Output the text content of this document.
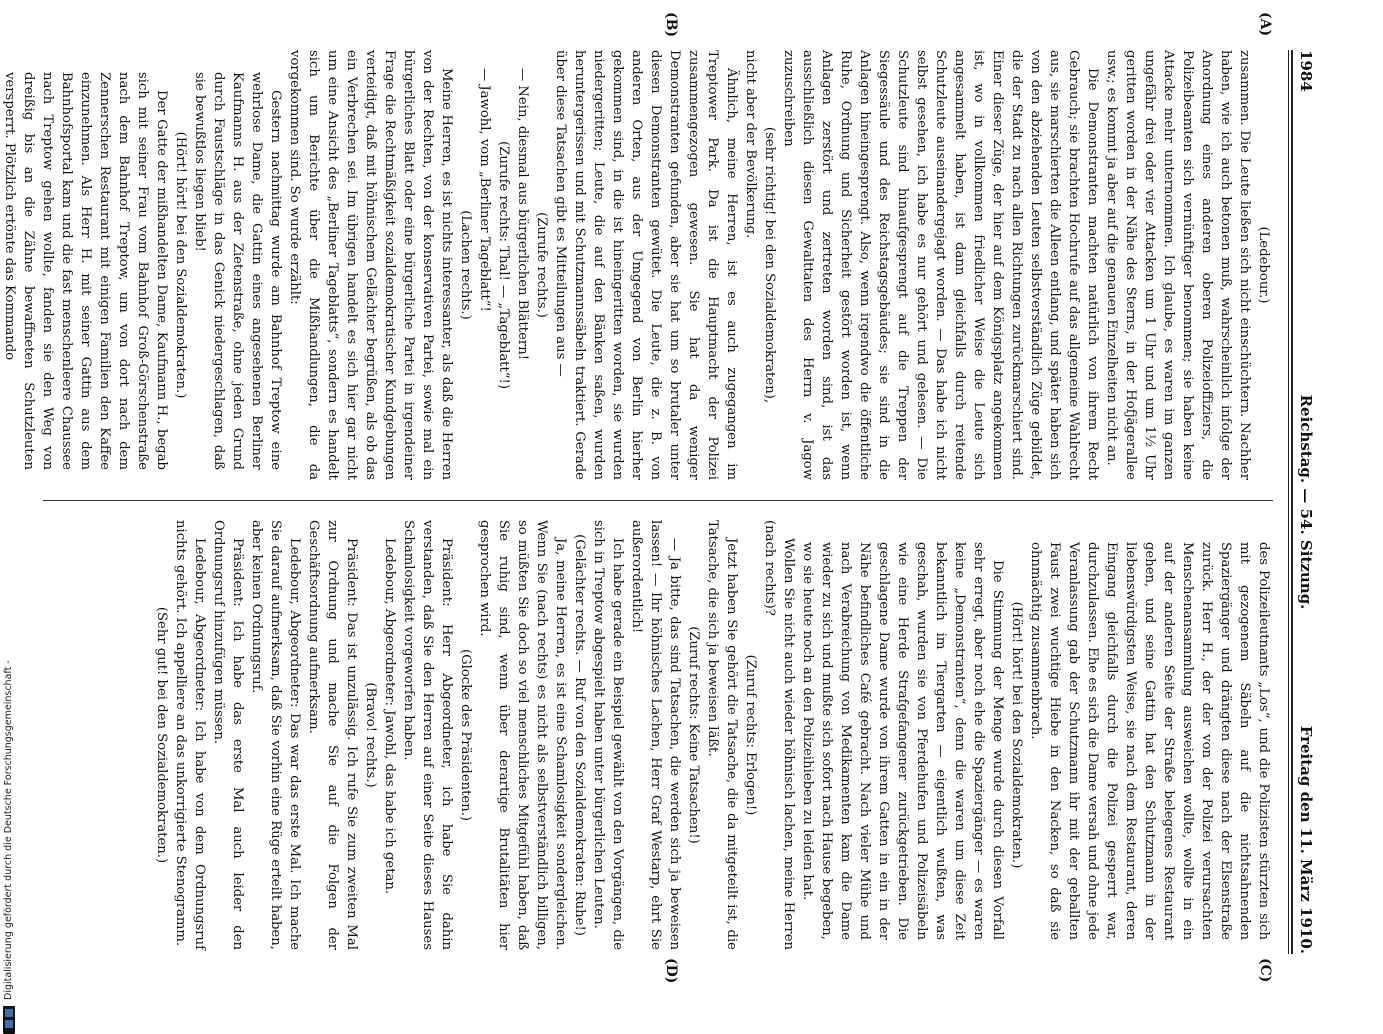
1984
Reichstag. — 54. Sitzung.
Freitag den 11. März 1910.
(A)
(B)
(C)
(D)

(Ledebour.)

zusammen. Die Leute ließen sich nicht einschüchtern. Nachher haben, wie ich auch betonen muß, wahrscheinlich infolge der Anordnung eines anderen oberen Polizeioffiziers, die Polizeibeamten sich vernünftiger benommen; sie haben keine Attacke mehr unternommen. Ich glaube, es waren im ganzen ungefähr drei oder vier Attacken um 1 Uhr und um 1½ Uhr geritten worden in der Nähe des Sterns, in der Hofjägerallee usw.; es kommt ja aber auf die genauen Einzelheiten nicht an.

Die Demonstranten machten natürlich von ihrem Recht Gebrauch; sie brachten Hochrufe auf das allgemeine Wahlrecht aus, sie marschierten die Alleen entlang, und später haben sich von den abziehenden Leuten selbstverständlich Züge gebildet, die der Stadt zu nach allen Richtungen zurückmarschiert sind. Einer dieser Züge, der hier auf dem Königsplatz angekommen ist, wo in vollkommen friedlicher Weise die Leute sich angesammelt haben, ist dann gleichfalls durch reitende Schutzleute auseinandergejagt worden. — Das habe ich nicht selbst gesehen, ich habe es nur gehört und gelesen. — Die Schutzleute sind hinaufgesprengt auf die Treppen der Siegessäule und des Reichstagsgebäudes; sie sind in die Anlagen hineingesprengt. Also, wenn irgendwo die öffentliche Ruhe, Ordnung und Sicherheit gestört worden ist, wenn Anlagen zerstört und zertreten worden sind, ist das ausschließlich diesen Gewalttaten des Herrn v. Jagow zuzuschreiben

(sehr richtig! bei den Sozialdemokraten),

nicht aber der Bevölkerung.

Ähnlich, meine Herren, ist es auch zugegangen im Treptower Park. Da ist die Hauptmacht der Polizei zusammengezogen gewesen. Sie hat da weniger Demonstranten gefunden, aber sie hat um so brutaler unter diesen Demonstranten gewütet. Die Leute, die z. B. von anderen Orten, aus der Umgegend von Berlin hierher gekommen sind, in die ist hineingeritten worden, sie wurden niedergeritten; Leute, die auf den Bänken saßen, wurden heruntergerissen und mit Schutzmannssäbeln traktiert. Gerade über diese Tatsachen gibt es Mitteilungen aus —

(Zurufe rechts.)

— Nein, diesmal aus bürgerlichen Blättern!

(Zurufe rechts: Thal! — „Tageblatt“!)

— Jawohl, vom „Berliner Tageblatt“!

(Lachen rechts.)

Meine Herren, es ist nichts interessanter, als daß die Herren von der Rechten, von der konservativen Partei, sowie mal ein bürgerliches Blatt oder eine bürgerliche Partei in irgendeiner Frage die Rechtmäßigkeit sozialdemokratischer Kundgebungen verteidigt, daß mit höhnischem Gelächter begrüßen, als ob das ein Verbrechen sei. Im übrigen handelt es sich hier gar nicht um eine Ansicht des „Berliner Tageblatts“, sondern es handelt sich um Berichte über die Mißhandlungen, die da vorgekommen sind. So wurde erzählt:

Gestern nachmittag wurde am Bahnhof Treptow eine wehrlose Dame, die Gattin eines angesehenen Berliner Kaufmanns H. aus der Zietenstraße, ohne jeden Grund durch Faustschläge in das Genick niedergeschlagen, daß sie bewußtlos liegen blieb!

(Hört! hört! bei den Sozialdemokraten.)

Der Gatte der mißhandelten Dame, Kaufmann H., begab sich mit seiner Frau vom Bahnhof Groß-Görschenstraße nach dem Bahnhof Treptow, um von dort nach dem Zennerschen Restaurant mit einigen Familien den Kaffee einzunehmen. Als Herr H. mit seiner Gattin aus dem Bahnhofsportal kam und die fast menschenleere Chaussee nach Treptow gehen wollte, fanden sie den Weg von dreißig bis an die Zähne bewaffneten Schutzleuten versperrt. Plötzlich ertönte das Kommando

des Polizeileutnants „Los“, und die Polizisten stürzten sich mit gezogenem Säbeln auf die nichtsahnenden Spaziergänger und drängten diese nach der Elsenstraße zurück. Herr H., der der von der Polizei verursachten Menschenansammlung ausweichen wollte, wollte in ein auf der anderen Seite der Straße belegenes Restaurant gehen, und seine Gattin hat den Schutzmann in der liebenswürdigsten Weise, sie nach dem Restaurant, deren Eingang gleichfalls durch die Polizei gesperrt war, durchzulassen. Ehe es sich die Dame versah und ohne jede Veranlassung gab der Schutzmann ihr mit der geballten Faust zwei wuchtige Hiebe in den Nacken, so daß sie ohnmächtig zusammenbrach.

(Hört! hört! bei den Sozialdemokraten.)

Die Stimmung der Menge wurde durch diesen Vorfall sehr erregt, aber noch ehe die Spaziergänger — es waren keine „Demonstranten“, denn die waren um diese Zeit bekanntlich im Tiergarten — eigentlich wußten, was geschah, wurden sie von Pferdehufen und Polizeisäbeln wie eine Herde Strafgefangener zurückgetrieben. Die geschlagene Dame wurde von ihrem Gatten in ein in der Nähe befindliches Café gebracht. Nach vieler Mühe und nach Verabreichung von Medikamenten kam die Dame wieder zu sich und mußte sich sofort nach Hause begeben, wo sie heute noch an den Polizeihieben zu leiden hat.

Wollen Sie nicht auch wieder höhnisch lachen, meine Herren (nach rechts)?

(Zuruf rechts: Erlogen!)

Jetzt haben Sie gehört die Tatsache, die da mitgeteilt ist, die Tatsache, die sich ja beweisen läßt.

(Zuruf rechts: Keine Tatsachen!)

— Ja bitte, das sind Tatsachen, die werden sich ja beweisen lassen! — Ihr höhnisches Lachen, Herr Graf Westarp, ehrt Sie außerordentlich!

Ich habe gerade ein Beispiel gewählt von den Vorgängen, die sich in Treptow abgespielt haben unter bürgerlichen Leuten.

(Gelächter rechts. — Ruf von den Sozialdemokraten: Ruhe!)

Ja, meine Herren, es ist eine Schamlosigkeit sondergleichen. Wenn Sie (nach rechts) es nicht als selbstverständlich billigen, so müßten Sie doch so viel menschliches Mitgefühl haben, daß Sie ruhig sind, wenn über derartige Brutalitäten hier gesprochen wird.

(Glocke des Präsidenten.)

Präsident: Herr Abgeordneter, ich habe Sie dahin verstanden, daß Sie den Herren auf einer Seite dieses Hauses Schamlosigkeit vorgeworfen haben.

Ledebour, Abgeordneter: Jawohl, das habe ich getan.

(Bravo! rechts.)

Präsident: Das ist unzulässig. Ich rufe Sie zum zweiten Mal zur Ordnung und mache Sie auf die Folgen der Geschäftsordnung aufmerksam.

Ledebour, Abgeordneter: Das war das erste Mal. Ich mache Sie darauf aufmerksam, daß Sie vorhin eine Rüge erteilt haben, aber keinen Ordnungsruf.

Präsident: Ich habe das erste Mal auch leider den Ordnungsruf hinzufügen müssen.

Ledebour, Abgeordneter: Ich habe von dem Ordnungsruf nichts gehört. Ich appelliere an das unkorrigierte Stenogramm.

(Sehr gut! bei den Sozialdemokraten.)

Digitalisierung gefördert durch die Deutsche Forschungsgemeinschaft -
